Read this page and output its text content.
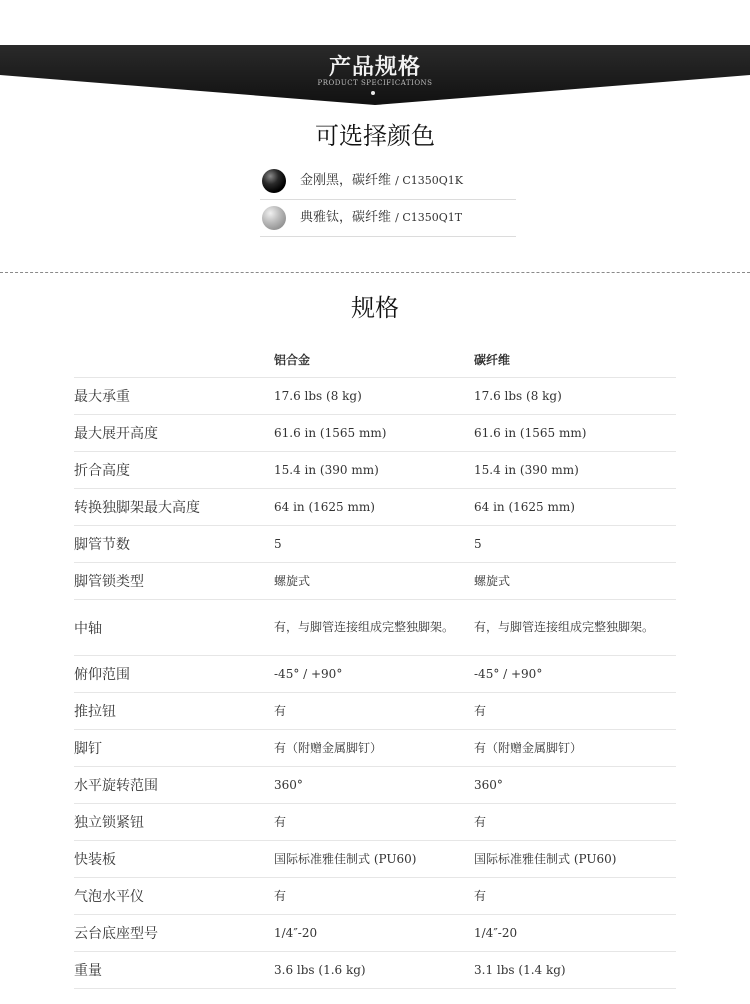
产品规格
PRODUCT SPECIFICATIONS
可选择颜色
金刚黑，碳纤维 / C1350Q1K
典雅钛，碳纤维 / C1350Q1T
规格
	铝合金	碳纤维
最大承重	17.6 lbs (8 kg)	17.6 lbs (8 kg)
最大展开高度	61.6 in (1565 mm)	61.6 in (1565 mm)
折合高度	15.4 in (390 mm)	15.4 in (390 mm)
转换独脚架最大高度	64 in (1625 mm)	64 in (1625 mm)
脚管节数	5	5
脚管锁类型	螺旋式	螺旋式
中轴	有，与脚管连接组成完整独脚架。	有，与脚管连接组成完整独脚架。
俯仰范围	-45° / +90°	-45° / +90°
推拉钮	有	有
脚钉	有（附赠金属脚钉）	有（附赠金属脚钉）
水平旋转范围	360°	360°
独立锁紧钮	有	有
快装板	国际标准雅佳制式 (PU60)	国际标准雅佳制式 (PU60)
气泡水平仪	有	有
云台底座型号	1/4″-20	1/4″-20
重量	3.6 lbs (1.6 kg)	3.1 lbs (1.4 kg)
